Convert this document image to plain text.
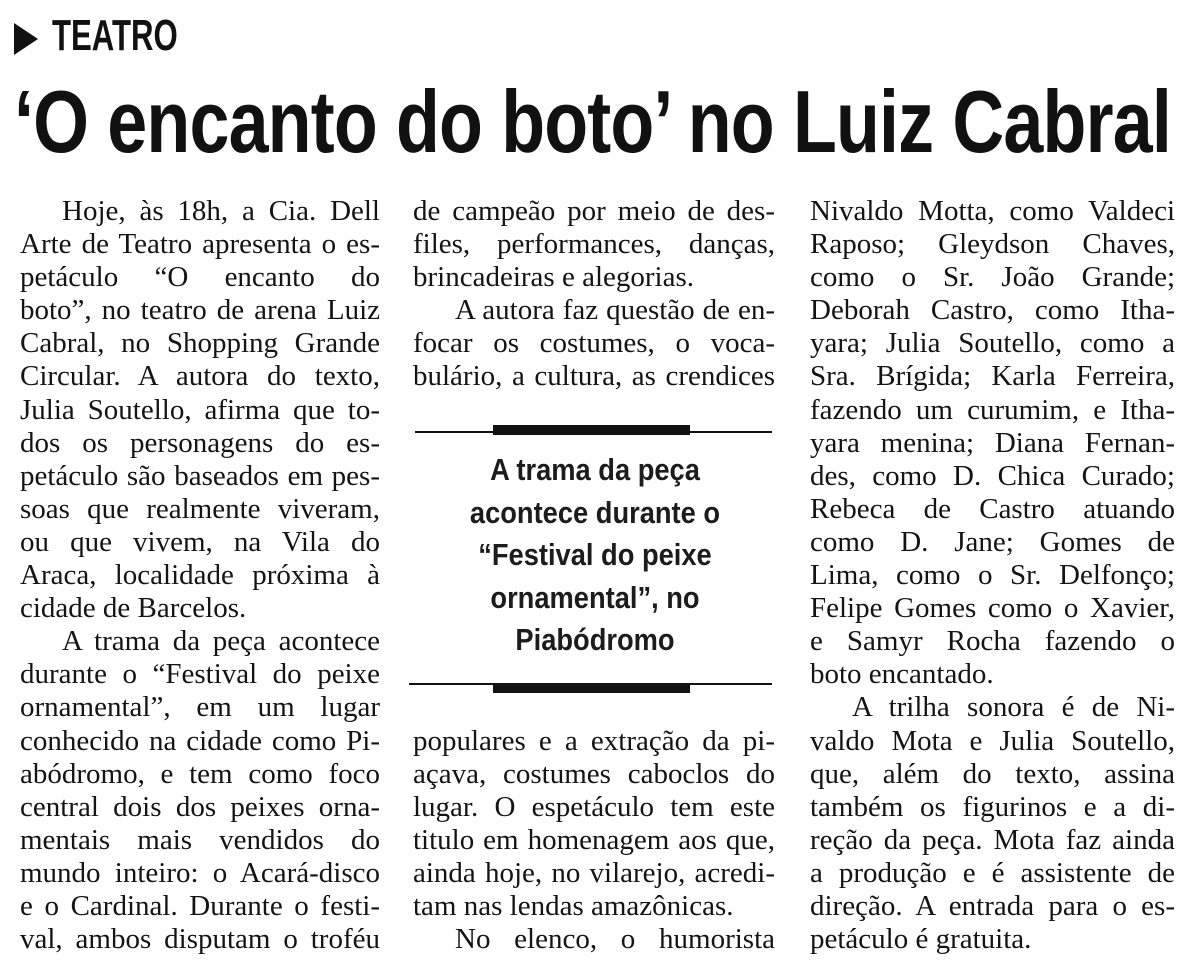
TEATRO
‘O encanto do boto’ no Luiz Cabral
Hoje, às 18h, a Cia. Dell
Arte de Teatro apresenta o es-
petáculo “O encanto do
boto”, no teatro de arena Luiz
Cabral, no Shopping Grande
Circular. A autora do texto,
Julia Soutello, afirma que to-
dos os personagens do es-
petáculo são baseados em pes-
soas que realmente viveram,
ou que vivem, na Vila do
Araca, localidade próxima à
cidade de Barcelos.
A trama da peça acontece
durante o “Festival do peixe
ornamental”, em um lugar
conhecido na cidade como Pi-
abódromo, e tem como foco
central dois dos peixes orna-
mentais mais vendidos do
mundo inteiro: o Acará-disco
e o Cardinal. Durante o festi-
val, ambos disputam o troféu
de campeão por meio de des-
files, performances, danças,
brincadeiras e alegorias.
A autora faz questão de en-
focar os costumes, o voca-
bulário, a cultura, as crendices
A trama da peça
acontece durante o
“Festival do peixe
ornamental”, no
Piabódromo
populares e a extração da pi-
açava, costumes caboclos do
lugar. O espetáculo tem este
titulo em homenagem aos que,
ainda hoje, no vilarejo, acredi-
tam nas lendas amazônicas.
No elenco, o humorista
Nivaldo Motta, como Valdeci
Raposo; Gleydson Chaves,
como o Sr. João Grande;
Deborah Castro, como Itha-
yara; Julia Soutello, como a
Sra. Brígida; Karla Ferreira,
fazendo um curumim, e Itha-
yara menina; Diana Fernan-
des, como D. Chica Curado;
Rebeca de Castro atuando
como D. Jane; Gomes de
Lima, como o Sr. Delfonço;
Felipe Gomes como o Xavier,
e Samyr Rocha fazendo o
boto encantado.
A trilha sonora é de Ni-
valdo Mota e Julia Soutello,
que, além do texto, assina
também os figurinos e a di-
reção da peça. Mota faz ainda
a produção e é assistente de
direção. A entrada para o es-
petáculo é gratuita.
